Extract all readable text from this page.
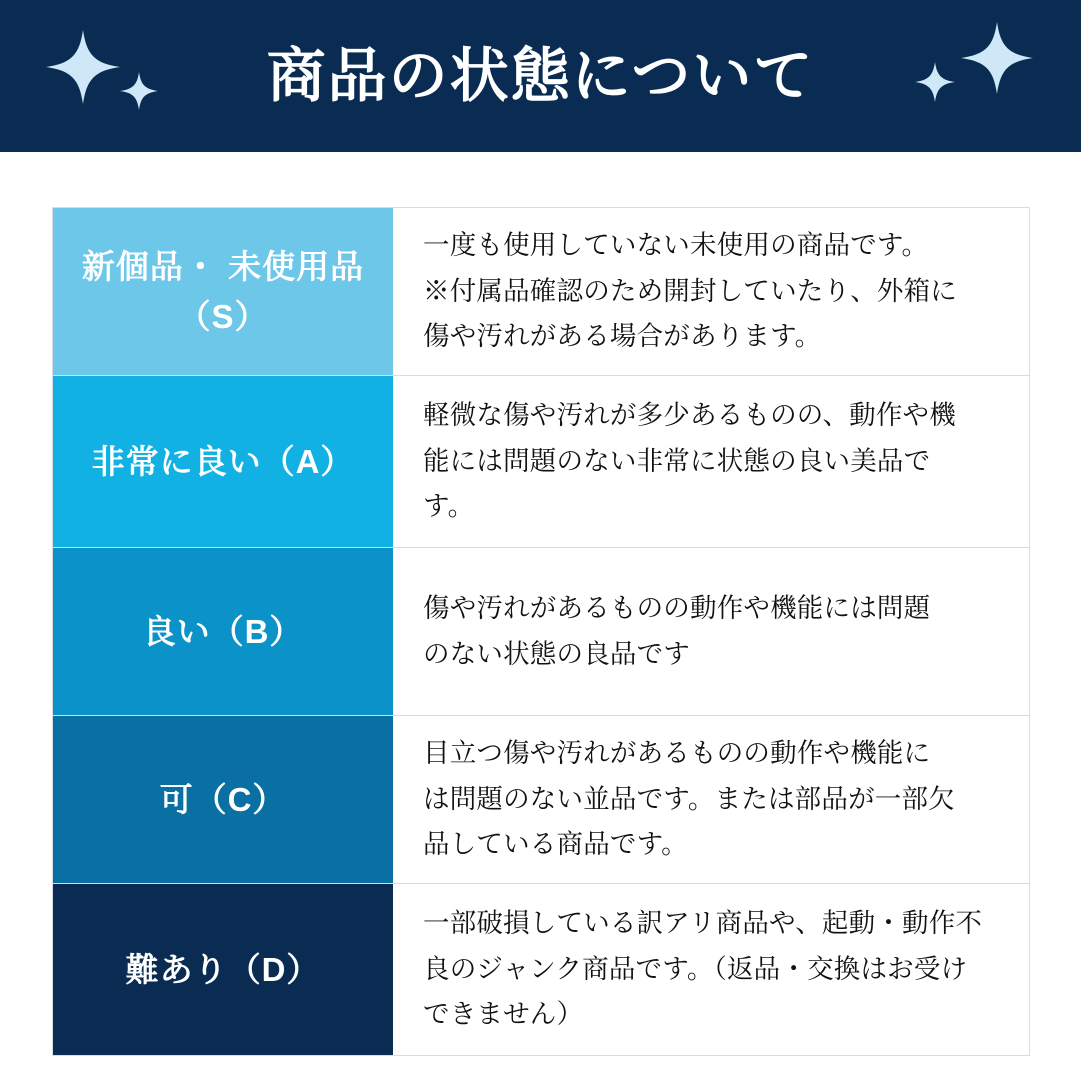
商品の状態について
新個品・ 未使用品（S）
一度も使用していない未使用の商品です。
※付属品確認のため開封していたり、外箱に
傷や汚れがある場合があります。
非常に良い（A）
軽微な傷や汚れが多少あるものの、動作や機
能には問題のない非常に状態の良い美品で
す。
良い（B）
傷や汚れがあるものの動作や機能には問題
のない状態の良品です
可（C）
目立つ傷や汚れがあるものの動作や機能に
は問題のない並品です。または部品が一部欠
品している商品です。
難あり（D）
一部破損している訳アリ商品や、起動・動作不
良のジャンク商品です。（返品・交換はお受け
できません）
